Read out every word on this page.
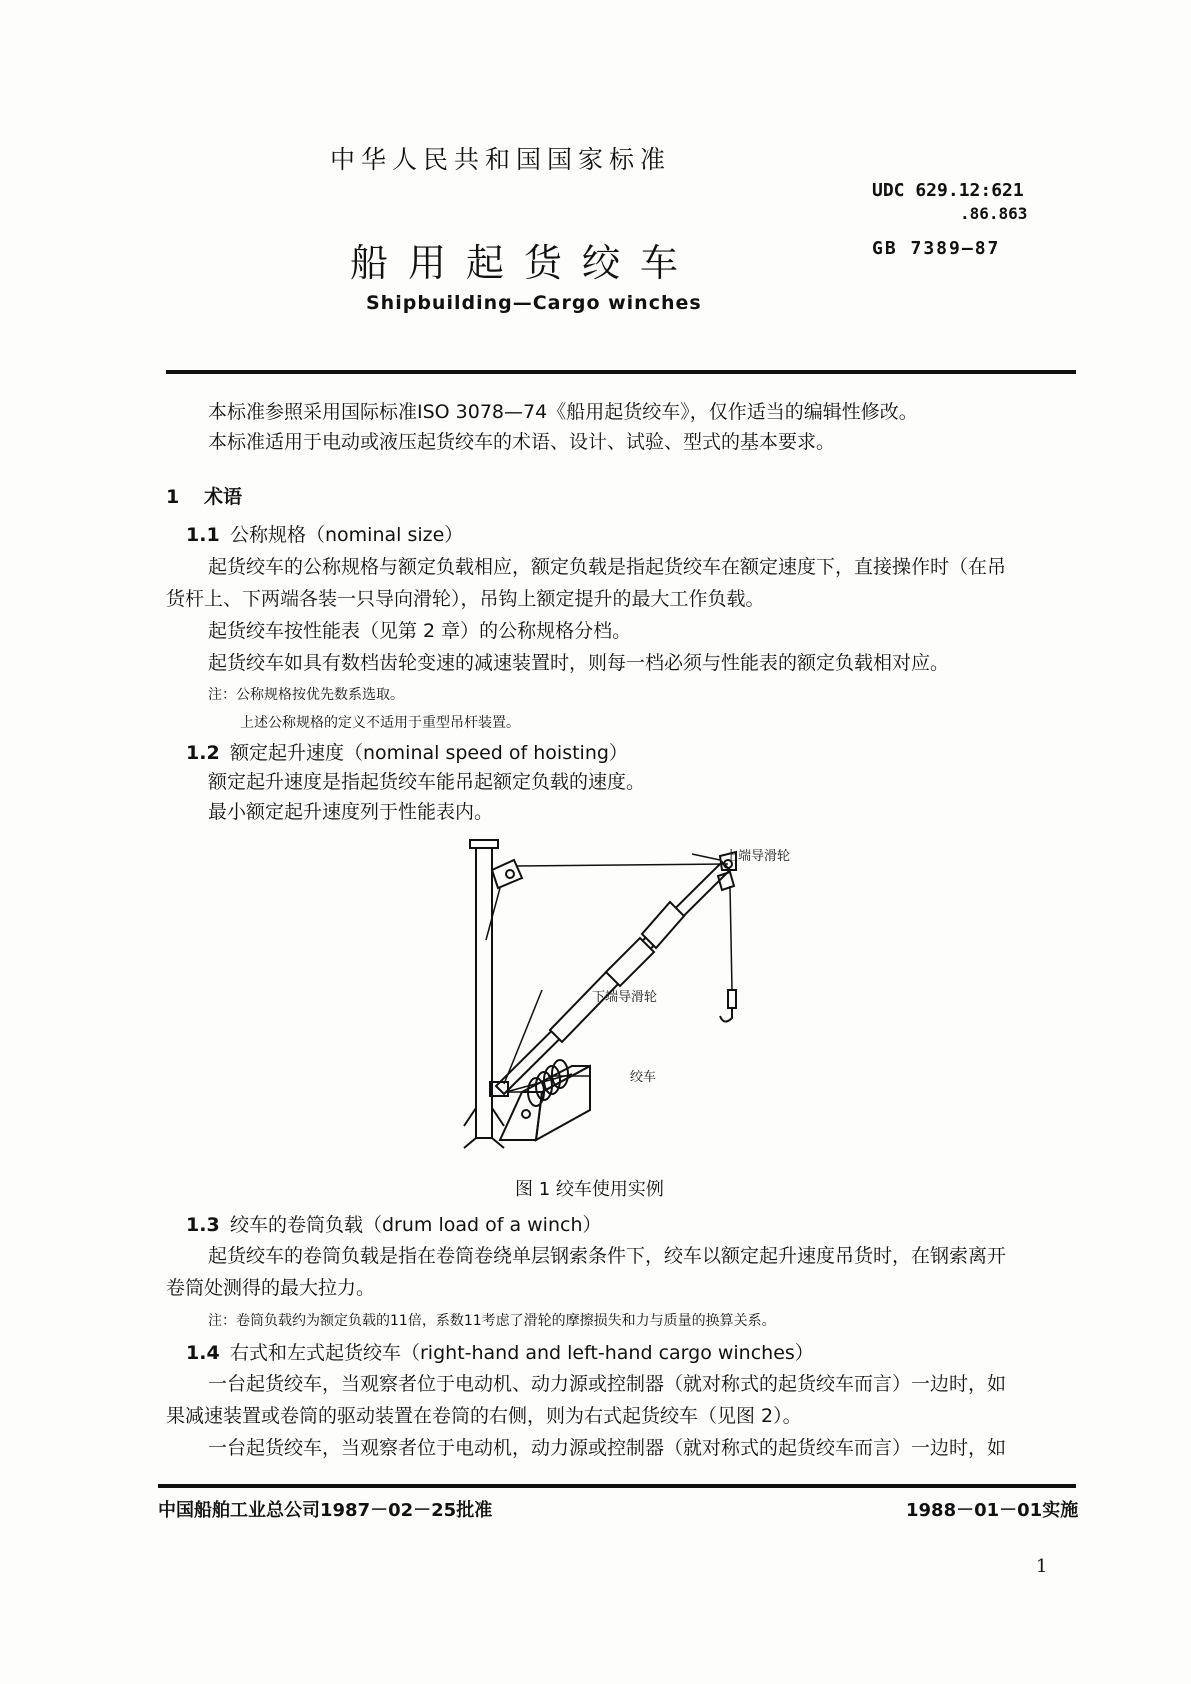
中华人民共和国国家标准
UDC 629.12:621
.86.863
GB 7389—87
船用起货绞车
Shipbuilding—Cargo winches
本标准参照采用国际标准ISO 3078—74《船用起货绞车》，仅作适当的编辑性修改。
本标准适用于电动或液压起货绞车的术语、设计、试验、型式的基本要求。
1 术语
1.1 公称规格（nominal size）
起货绞车的公称规格与额定负载相应，额定负载是指起货绞车在额定速度下，直接操作时（在吊
货杆上、下两端各装一只导向滑轮），吊钩上额定提升的最大工作负载。
起货绞车按性能表（见第 2 章）的公称规格分档。
起货绞车如具有数档齿轮变速的减速装置时，则每一档必须与性能表的额定负载相对应。
注：公称规格按优先数系选取。
上述公称规格的定义不适用于重型吊杆装置。
1.2 额定起升速度（nominal speed of hoisting）
额定起升速度是指起货绞车能吊起额定负载的速度。
最小额定起升速度列于性能表内。
上端导滑轮
下端导滑轮
绞车
图 1 绞车使用实例
1.3 绞车的卷筒负载（drum load of a winch）
起货绞车的卷筒负载是指在卷筒卷绕单层钢索条件下，绞车以额定起升速度吊货时，在钢索离开
卷筒处测得的最大拉力。
注：卷筒负载约为额定负载的11倍，系数11考虑了滑轮的摩擦损失和力与质量的换算关系。
1.4 右式和左式起货绞车（right-hand and left-hand cargo winches）
一台起货绞车，当观察者位于电动机、动力源或控制器（就对称式的起货绞车而言）一边时，如
果减速装置或卷筒的驱动装置在卷筒的右侧，则为右式起货绞车（见图 2）。
一台起货绞车，当观察者位于电动机，动力源或控制器（就对称式的起货绞车而言）一边时，如
中国船舶工业总公司1987－02－25批准	1988－01－01实施
1
